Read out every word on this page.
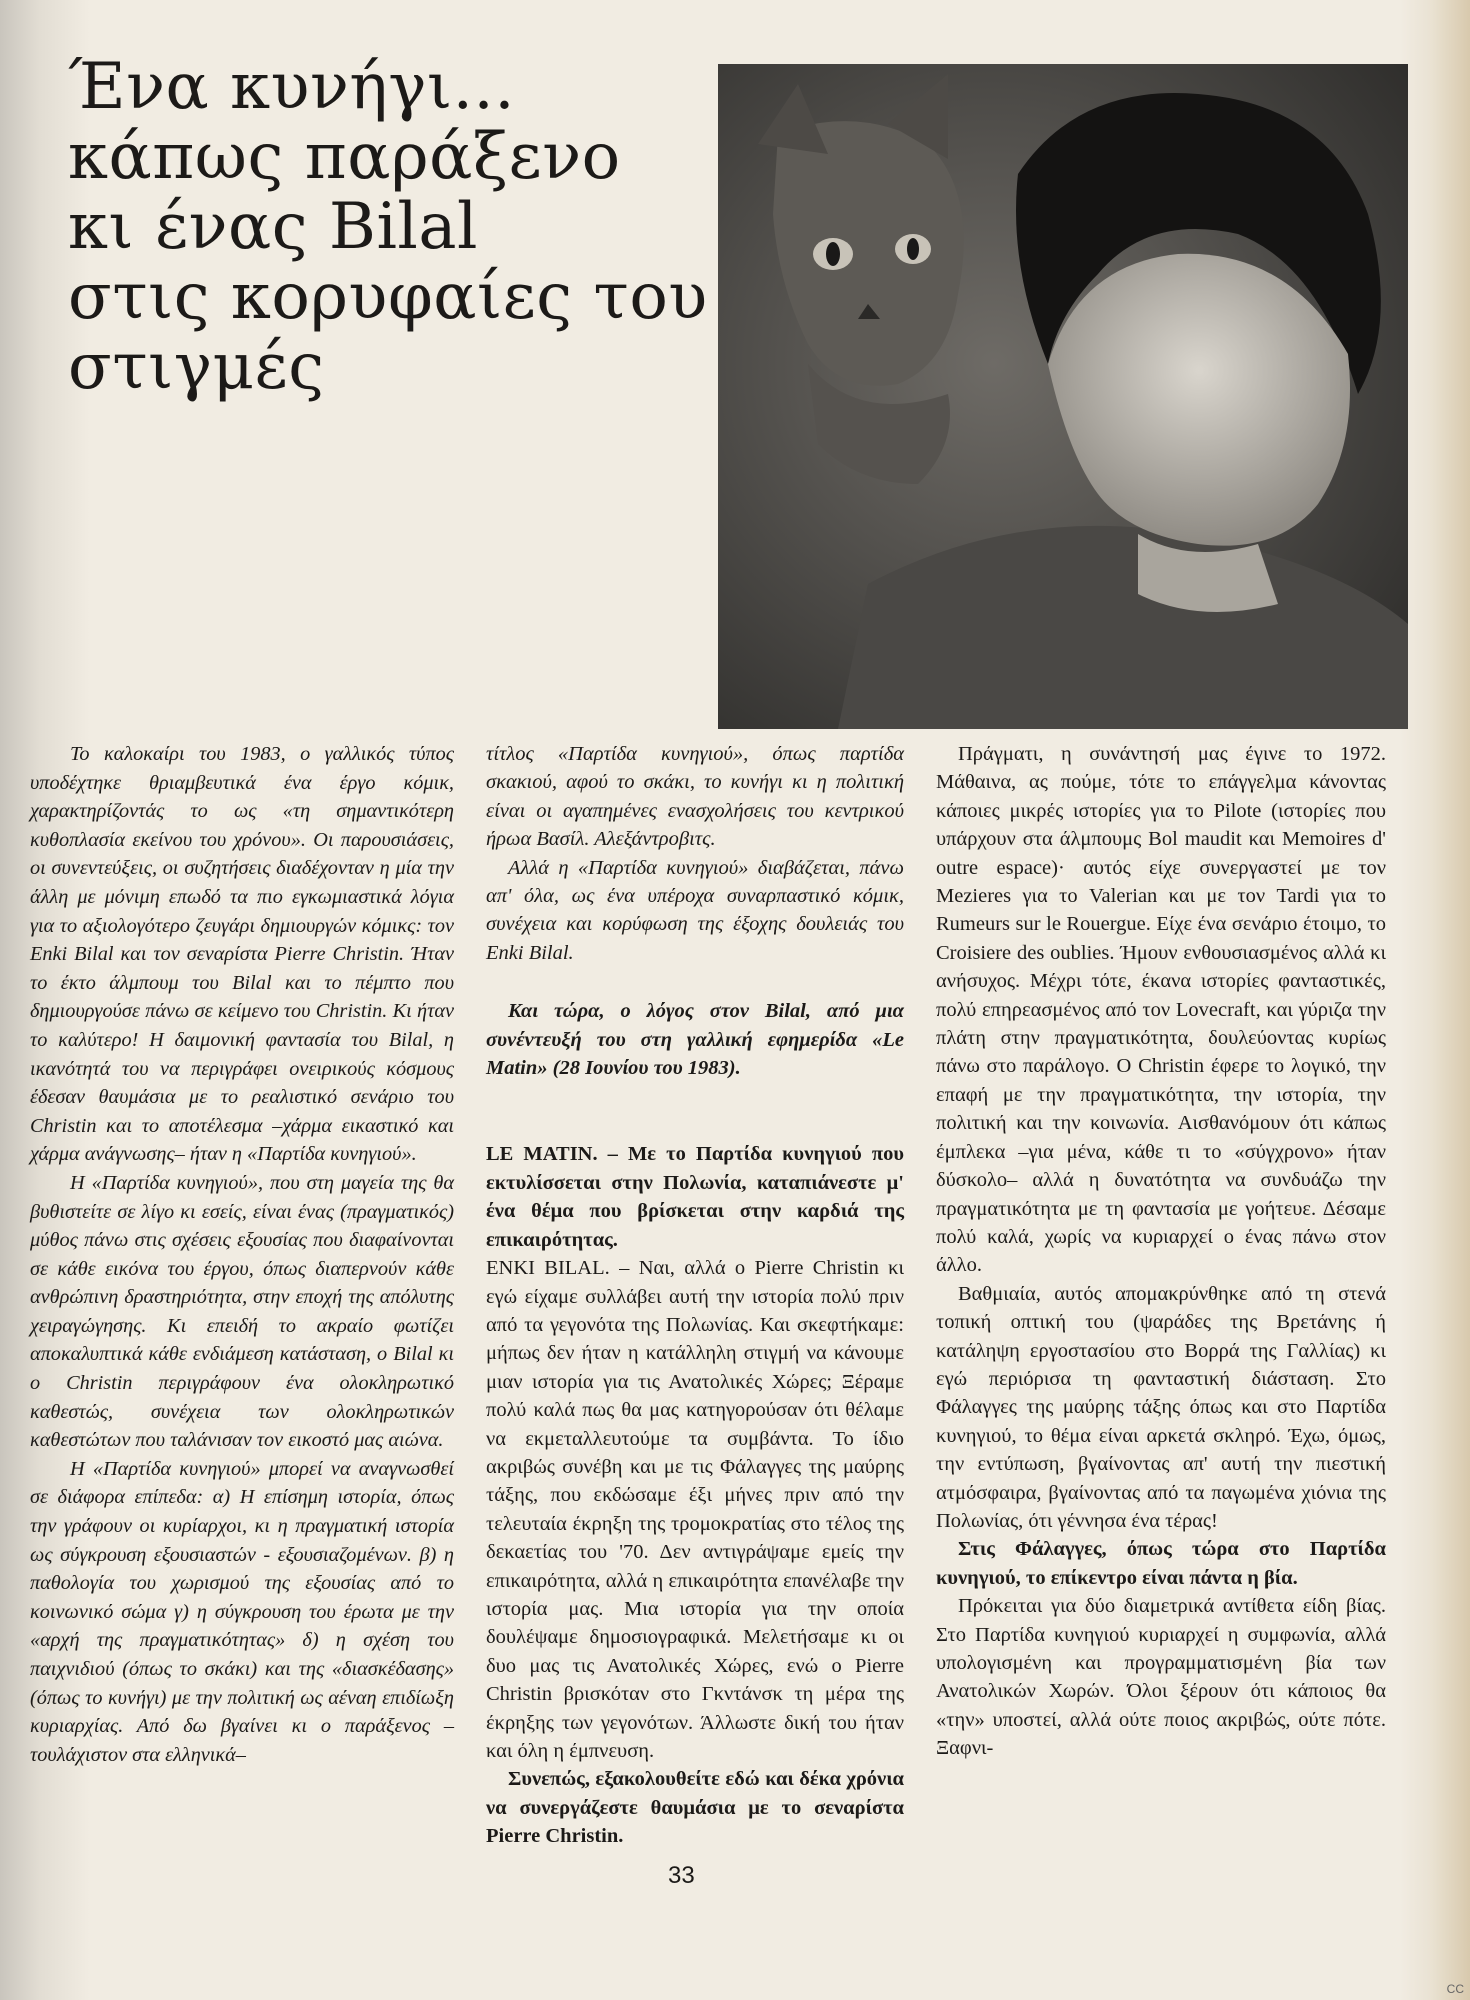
Ένα κυνήγι...
κάπως παράξενο
κι ένας Bilal
στις κορυφαίες του
στιγμές

Το καλοκαίρι του 1983, ο γαλλικός τύπος υποδέχτηκε θριαμβευτικά ένα έργο κόμικ, χαρακτηρίζοντάς το ως «τη σημαντικότερη κυθοπλασία εκείνου του χρόνου». Οι παρουσιάσεις, οι συνεντεύξεις, οι συζητήσεις διαδέχονταν η μία την άλλη με μόνιμη επωδό τα πιο εγκωμιαστικά λόγια για το αξιολογότερο ζευγάρι δημιουργών κόμικς: τον Enki Bilal και τον σεναρίστα Pierre Christin. Ήταν το έκτο άλμπουμ του Bilal και το πέμπτο που δημιουργούσε πάνω σε κείμενο του Christin. Κι ήταν το καλύτερο! Η δαιμονική φαντασία του Bilal, η ικανότητά του να περιγράφει ονειρικούς κόσμους έδεσαν θαυμάσια με το ρεαλιστικό σενάριο του Christin και το αποτέλεσμα –χάρμα εικαστικό και χάρμα ανάγνωσης– ήταν η «Παρτίδα κυνηγιού».

Η «Παρτίδα κυνηγιού», που στη μαγεία της θα βυθιστείτε σε λίγο κι εσείς, είναι ένας (πραγματικός) μύθος πάνω στις σχέσεις εξουσίας που διαφαίνονται σε κάθε εικόνα του έργου, όπως διαπερνούν κάθε ανθρώπινη δραστηριότητα, στην εποχή της απόλυτης χειραγώγησης. Κι επειδή το ακραίο φωτίζει αποκαλυπτικά κάθε ενδιάμεση κατάσταση, ο Bilal κι ο Christin περιγράφουν ένα ολοκληρωτικό καθεστώς, συνέχεια των ολοκληρωτικών καθεστώτων που ταλάνισαν τον εικοστό μας αιώνα.

Η «Παρτίδα κυνηγιού» μπορεί να αναγνωσθεί σε διάφορα επίπεδα: α) Η επίσημη ιστορία, όπως την γράφουν οι κυρίαρχοι, κι η πραγματική ιστορία ως σύγκρουση εξουσιαστών - εξουσιαζομένων. β) η παθολογία του χωρισμού της εξουσίας από το κοινωνικό σώμα γ) η σύγκρουση του έρωτα με την «αρχή της πραγματικότητας» δ) η σχέση του παιχνιδιού (όπως το σκάκι) και της «διασκέδασης» (όπως το κυνήγι) με την πολιτική ως αέναη επιδίωξη κυριαρχίας. Από δω βγαίνει κι ο παράξενος –τουλάχιστον στα ελληνικά–

τίτλος «Παρτίδα κυνηγιού», όπως παρτίδα σκακιού, αφού το σκάκι, το κυνήγι κι η πολιτική είναι οι αγαπημένες ενασχολήσεις του κεντρικού ήρωα Βασίλ. Αλεξάντροβιτς.

Αλλά η «Παρτίδα κυνηγιού» διαβάζεται, πάνω απ' όλα, ως ένα υπέροχα συναρπαστικό κόμικ, συνέχεια και κορύφωση της έξοχης δουλειάς του Enki Bilal.

Και τώρα, ο λόγος στον Bilal, από μια συνέντευξή του στη γαλλική εφημερίδα «Le Matin» (28 Ιουνίου του 1983).

LE MATIN. – Με το Παρτίδα κυνηγιού που εκτυλίσσεται στην Πολωνία, καταπιάνεστε μ' ένα θέμα που βρίσκεται στην καρδιά της επικαιρότητας.

ENKI BILAL. – Ναι, αλλά ο Pierre Christin κι εγώ είχαμε συλλάβει αυτή την ιστορία πολύ πριν από τα γεγονότα της Πολωνίας. Και σκεφτήκαμε: μήπως δεν ήταν η κατάλληλη στιγμή να κάνουμε μιαν ιστορία για τις Ανατολικές Χώρες; Ξέραμε πολύ καλά πως θα μας κατηγορούσαν ότι θέλαμε να εκμεταλλευτούμε τα συμβάντα. Το ίδιο ακριβώς συνέβη και με τις Φάλαγγες της μαύρης τάξης, που εκδώσαμε έξι μήνες πριν από την τελευταία έκρηξη της τρομοκρατίας στο τέλος της δεκαετίας του '70. Δεν αντιγράψαμε εμείς την επικαιρότητα, αλλά η επικαιρότητα επανέλαβε την ιστορία μας. Μια ιστορία για την οποία δουλέψαμε δημοσιογραφικά. Μελετήσαμε κι οι δυο μας τις Ανατολικές Χώρες, ενώ ο Pierre Christin βρισκόταν στο Γκντάνσκ τη μέρα της έκρηξης των γεγονότων. Άλλωστε δική του ήταν και όλη η έμπνευση.

Συνεπώς, εξακολουθείτε εδώ και δέκα χρόνια να συνεργάζεστε θαυμάσια με το σεναρίστα Pierre Christin.

Πράγματι, η συνάντησή μας έγινε το 1972. Μάθαινα, ας πούμε, τότε το επάγγελμα κάνοντας κάποιες μικρές ιστορίες για το Pilote (ιστορίες που υπάρχουν στα άλμπουμς Bol maudit και Memoires d' outre espace)· αυτός είχε συνεργαστεί με τον Mezieres για το Valerian και με τον Tardi για το Rumeurs sur le Rouergue. Είχε ένα σενάριο έτοιμο, το Croisiere des oublies. Ήμουν ενθουσιασμένος αλλά κι ανήσυχος. Μέχρι τότε, έκανα ιστορίες φανταστικές, πολύ επηρεασμένος από τον Lovecraft, και γύριζα την πλάτη στην πραγματικότητα, δουλεύοντας κυρίως πάνω στο παράλογο. Ο Christin έφερε το λογικό, την επαφή με την πραγματικότητα, την ιστορία, την πολιτική και την κοινωνία. Αισθανόμουν ότι κάπως έμπλεκα –για μένα, κάθε τι το «σύγχρονο» ήταν δύσκολο– αλλά η δυνατότητα να συνδυάζω την πραγματικότητα με τη φαντασία με γοήτευε. Δέσαμε πολύ καλά, χωρίς να κυριαρχεί ο ένας πάνω στον άλλο.

Βαθμιαία, αυτός απομακρύνθηκε από τη στενά τοπική οπτική του (ψαράδες της Βρετάνης ή κατάληψη εργοστασίου στο Βορρά της Γαλλίας) κι εγώ περιόρισα τη φανταστική διάσταση. Στο Φάλαγγες της μαύρης τάξης όπως και στο Παρτίδα κυνηγιού, το θέμα είναι αρκετά σκληρό. Έχω, όμως, την εντύπωση, βγαίνοντας απ' αυτή την πιεστική ατμόσφαιρα, βγαίνοντας από τα παγωμένα χιόνια της Πολωνίας, ότι γέννησα ένα τέρας!

Στις Φάλαγγες, όπως τώρα στο Παρτίδα κυνηγιού, το επίκεντρο είναι πάντα η βία.

Πρόκειται για δύο διαμετρικά αντίθετα είδη βίας. Στο Παρτίδα κυνηγιού κυριαρχεί η συμφωνία, αλλά υπολογισμένη και προγραμματισμένη βία των Ανατολικών Χωρών. Όλοι ξέρουν ότι κάποιος θα «την» υποστεί, αλλά ούτε ποιος ακριβώς, ούτε πότε. Ξαφνι-

33
CC
